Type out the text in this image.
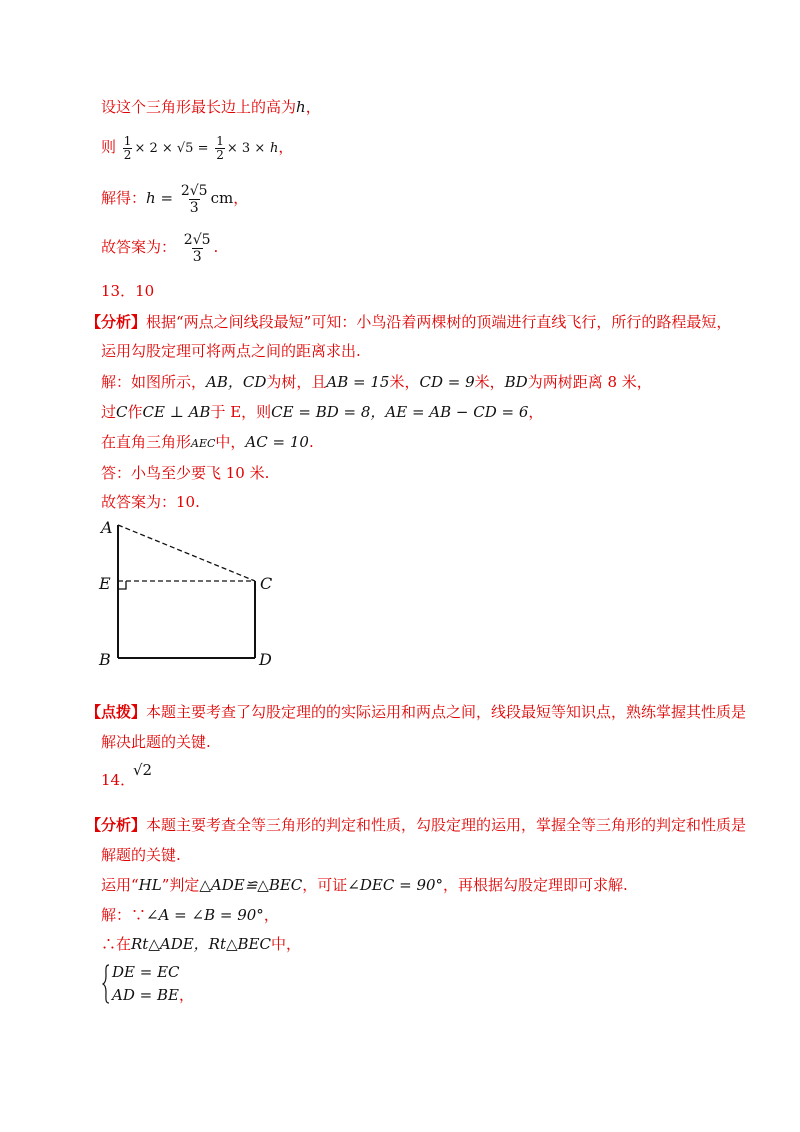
设这个三角形最长边上的高为h，
则 $\frac{1}{2} \times 2 \times √5 = \frac{1}{2} \times 3 \times h$，
解得：$h = \frac{2√5}{3}$ cm，
故答案为： $\frac{2√5}{3}$ .
13．10
【分析】根据“两点之间线段最短”可知：小鸟沿着两棵树的顶端进行直线飞行，所行的路程最短，
运用勾股定理可将两点之间的距离求出.
解：如图所示，AB，CD为树，且AB = 15米，CD = 9米，BD为两树距离 8 米，
过C作CE ⊥ AB于 E，则CE = BD = 8，AE = AB − CD = 6，
在直角三角形AEC中，AC = 10.
答：小鸟至少要飞 10 米.
故答案为：10.
A
E	C
B	D
【点拨】本题主要考查了勾股定理的的实际运用和两点之间，线段最短等知识点，熟练掌握其性质是
解决此题的关键.
14．
√2
【分析】本题主要考查全等三角形的判定和性质，勾股定理的运用，掌握全等三角形的判定和性质是
解题的关键.
运用“HL”判定△ADE≌△BEC，可证∠DEC = 90°，再根据勾股定理即可求解.
解：∵∠A = ∠B = 90°，
∴在Rt△ADE，Rt△BEC中，
DE = EC
AD = BE，
